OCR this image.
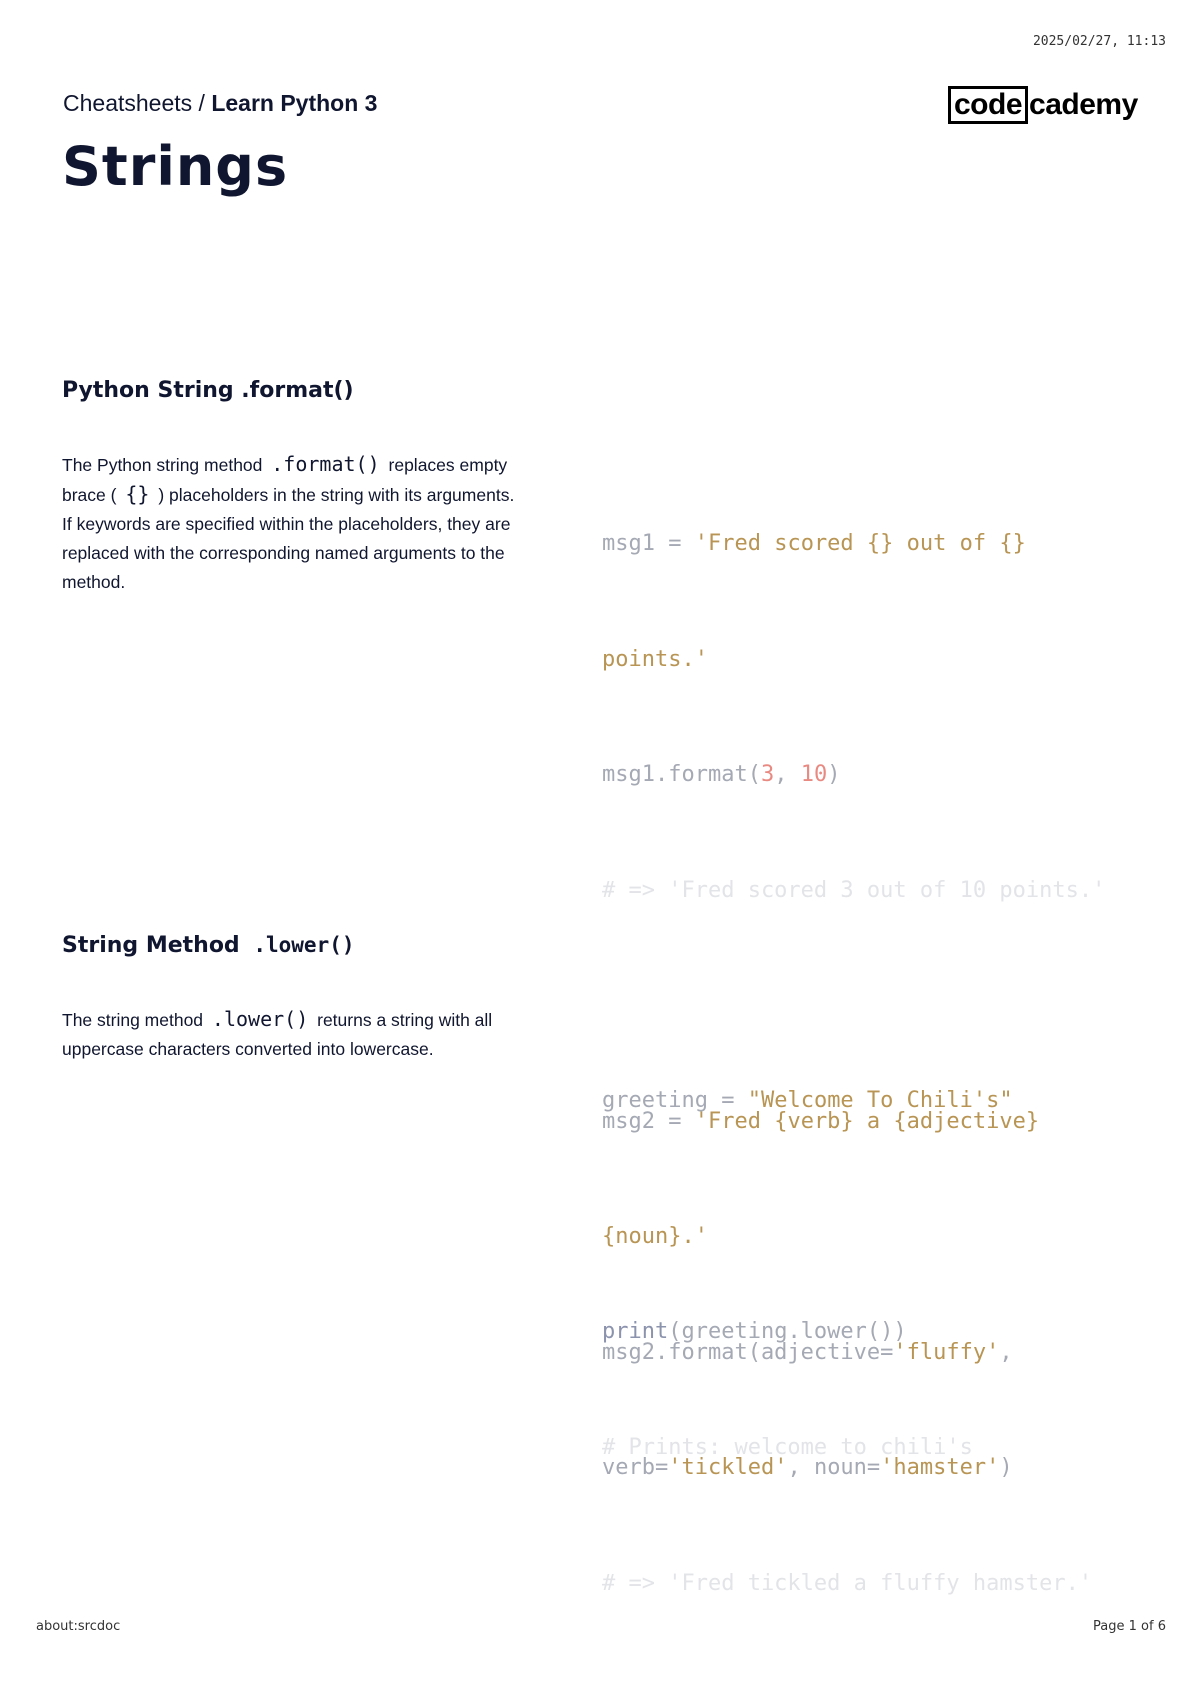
2025/02/27, 11:13
Cheatsheets / Learn Python 3	code cademy
Strings
Python String .format()

The Python string method .format() replaces empty brace ( {} ) placeholders in the string with its arguments.

If keywords are specified within the placeholders, they are replaced with the corresponding named arguments to the method.

msg1 = 'Fred scored {} out of {}

points.'

msg1.format(3, 10)

# => 'Fred scored 3 out of 10 points.'

msg2 = 'Fred {verb} a {adjective}

{noun}.'

msg2.format(adjective='fluffy',

verb='tickled', noun='hamster')

# => 'Fred tickled a fluffy hamster.'

String Method .lower()

The string method .lower() returns a string with all uppercase characters converted into lowercase.

greeting = "Welcome To Chili's"

print(greeting.lower())

# Prints: welcome to chili's

about:srcdoc	Page 1 of 6
